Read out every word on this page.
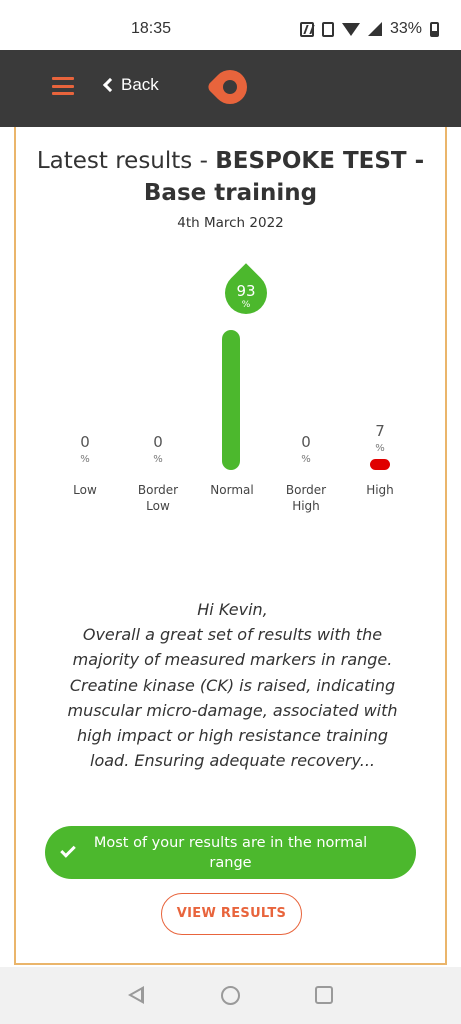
18:35	33%
Back
Latest results - BESPOKE TEST - Base training
4th March 2022
0
%
Low
0
%
Border
Low
93
%
Normal
0
%
Border
High
7
%
High
Hi Kevin,
Overall a great set of results with the majority of measured markers in range. Creatine kinase (CK) is raised, indicating muscular micro-damage, associated with high impact or high resistance training load. Ensuring adequate recovery...
Most of your results are in the normal range
VIEW RESULTS
